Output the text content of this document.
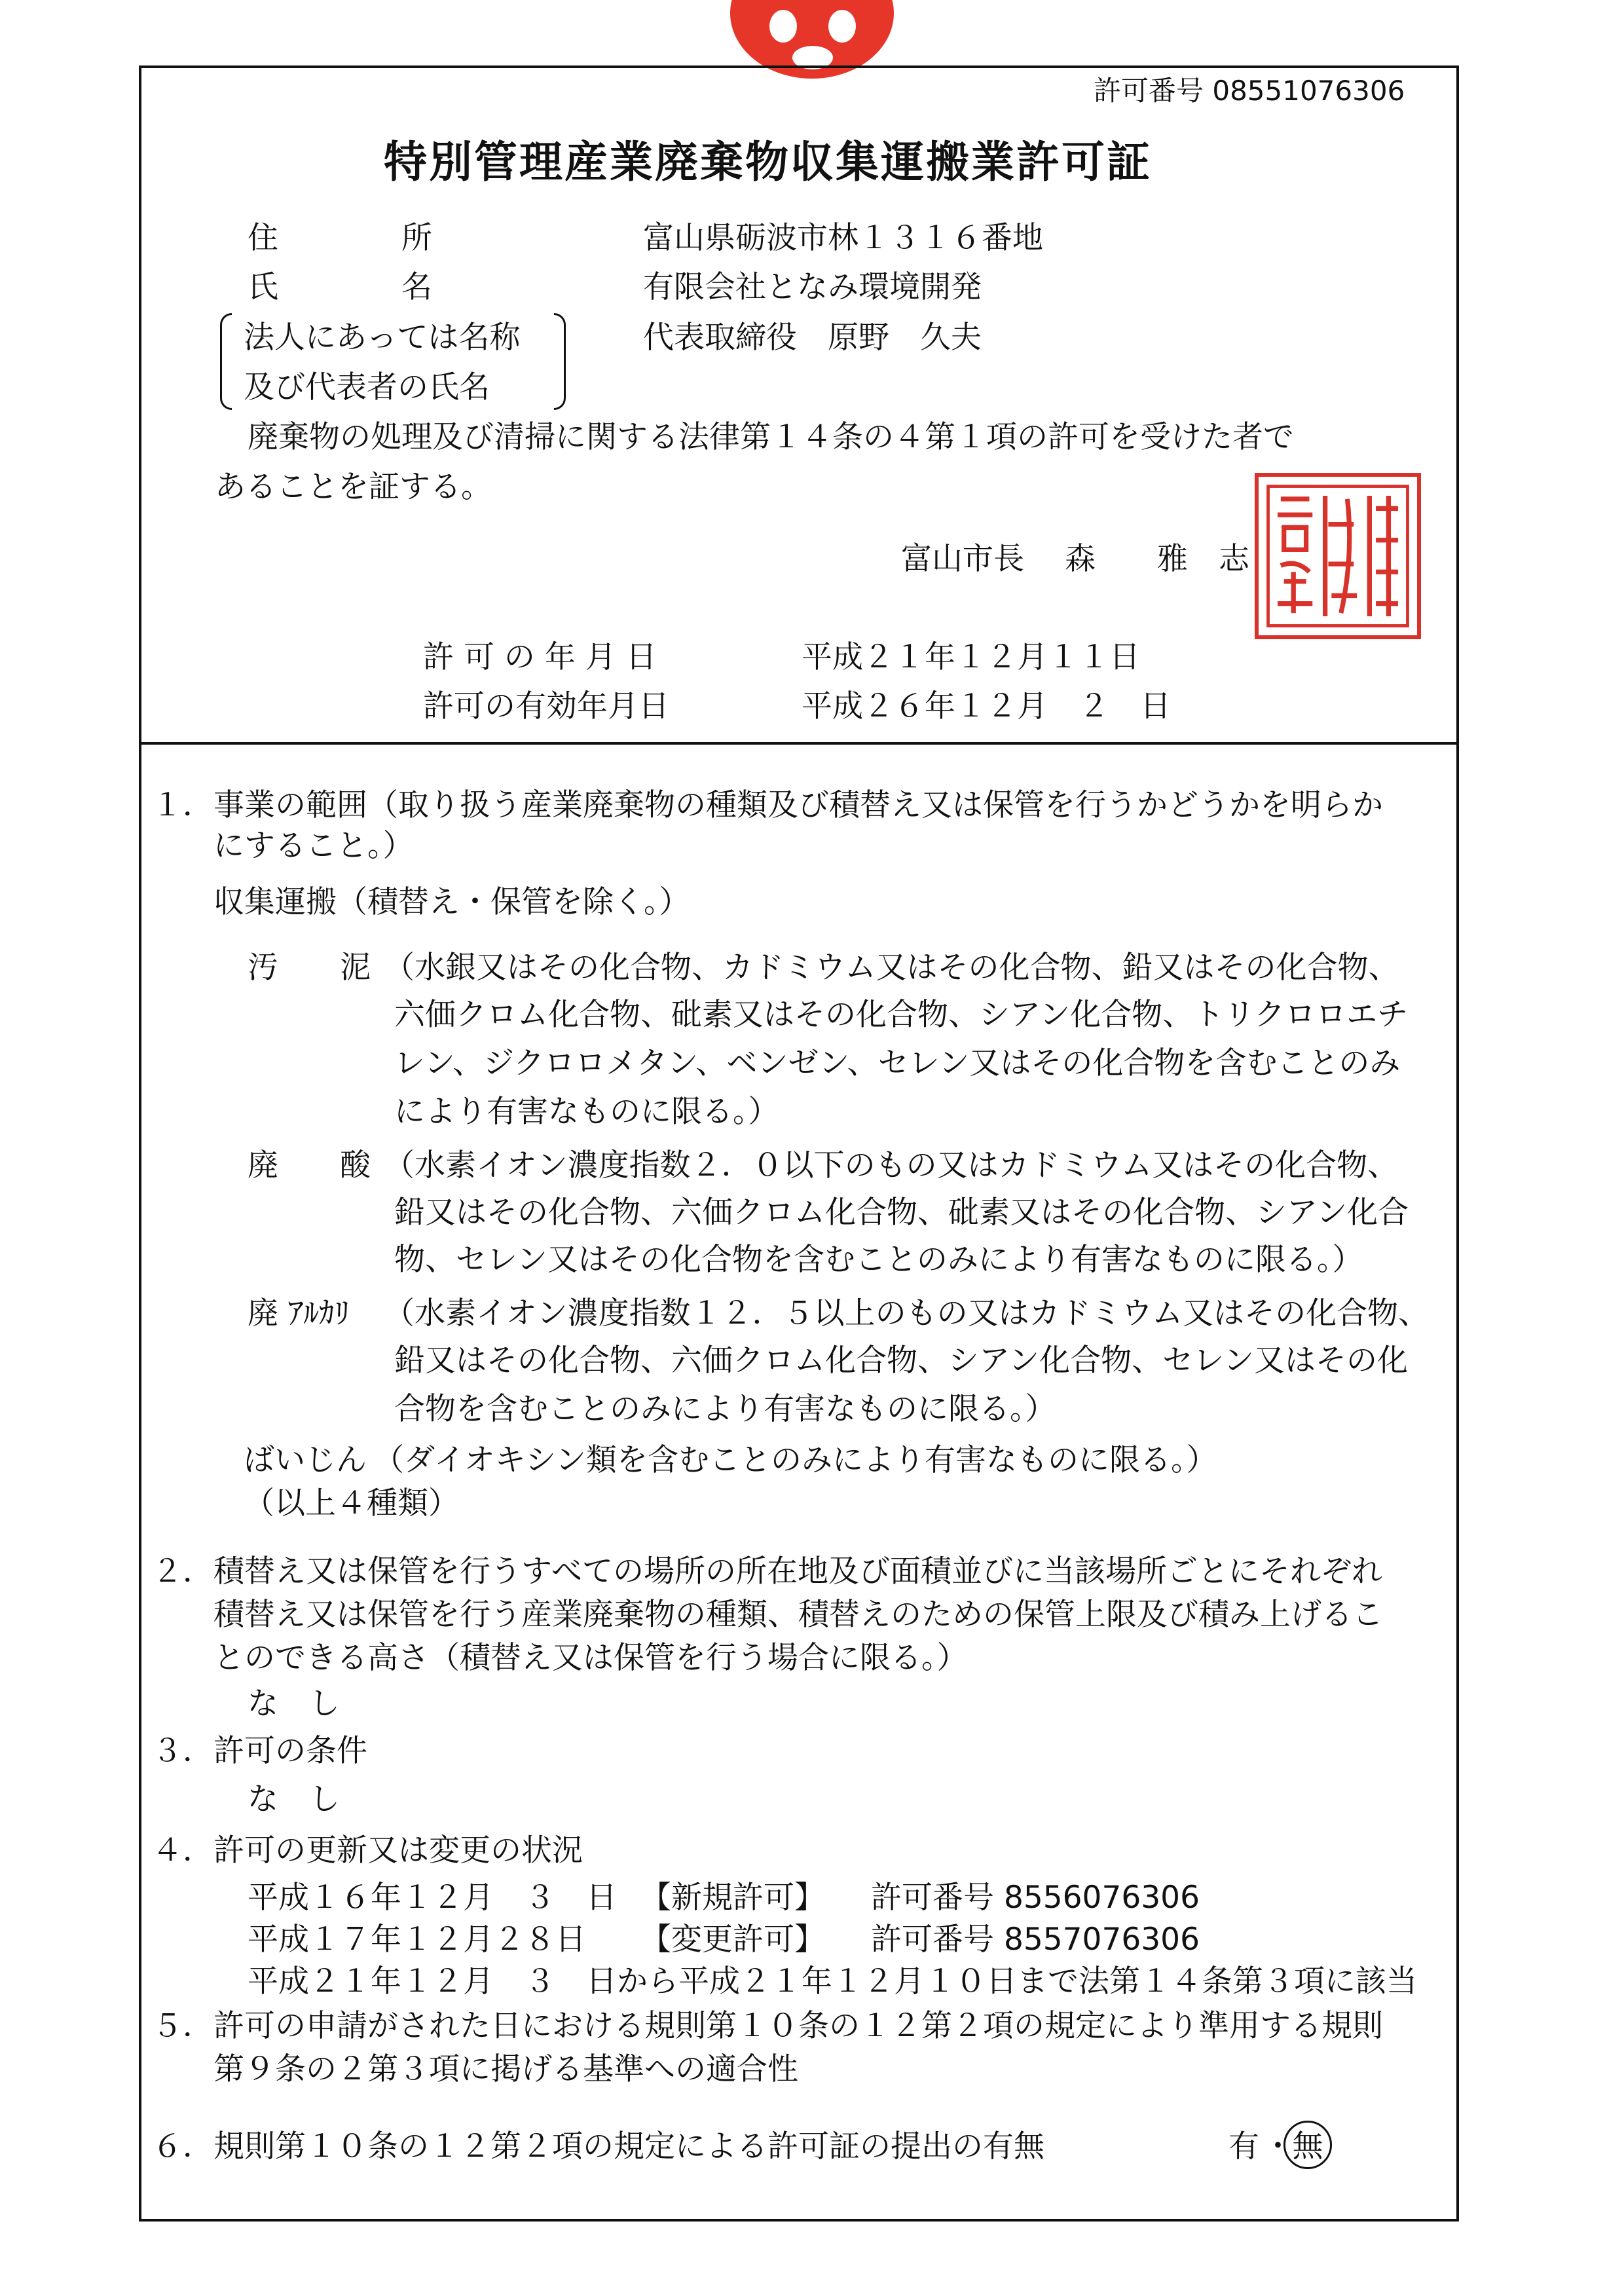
許可番号 08551076306
特別管理産業廃棄物収集運搬業許可証
住　　　　所	富山県砺波市林１３１６番地
氏　　　　名	有限会社となみ環境開発
法人にあっては名称
及び代表者の氏名
代表取締役　原野　久夫
廃棄物の処理及び清掃に関する法律第１４条の４第１項の許可を受けた者で
あることを証する。
富山市長　 森　　雅　志
許 可 の 年 月 日	平成２１年１２月１１日
許可の有効年月日	平成２６年１２月　２　日
１．事業の範囲（取り扱う産業廃棄物の種類及び積替え又は保管を行うかどうかを明らか
にすること。）
収集運搬（積替え・保管を除く。）
汚　　泥 （水銀又はその化合物、カドミウム又はその化合物、鉛又はその化合物、
六価クロム化合物、砒素又はその化合物、シアン化合物、トリクロロエチ
レン、ジクロロメタン、ベンゼン、セレン又はその化合物を含むことのみ
により有害なものに限る。）
廃　　酸 （水素イオン濃度指数２．０以下のもの又はカドミウム又はその化合物、
鉛又はその化合物、六価クロム化合物、砒素又はその化合物、シアン化合
物、セレン又はその化合物を含むことのみにより有害なものに限る。）
廃 ｱﾙｶﾘ （水素イオン濃度指数１２．５以上のもの又はカドミウム又はその化合物、
鉛又はその化合物、六価クロム化合物、シアン化合物、セレン又はその化
合物を含むことのみにより有害なものに限る。）
ばいじん （ダイオキシン類を含むことのみにより有害なものに限る。）
（以上４種類）
２．積替え又は保管を行うすべての場所の所在地及び面積並びに当該場所ごとにそれぞれ
積替え又は保管を行う産業廃棄物の種類、積替えのための保管上限及び積み上げるこ
とのできる高さ（積替え又は保管を行う場合に限る。）
な　し
３．許可の条件
な　し
４．許可の更新又は変更の状況
平成１６年１２月　３　日 【新規許可】 許可番号 8556076306
平成１７年１２月２８日 【変更許可】 許可番号 8557076306
平成２１年１２月　３　日から平成２１年１２月１０日まで法第１４条第３項に該当
５．許可の申請がされた日における規則第１０条の１２第２項の規定により準用する規則
第９条の２第３項に掲げる基準への適合性
６．規則第１０条の１２第２項の規定による許可証の提出の有無	有 ・
無
